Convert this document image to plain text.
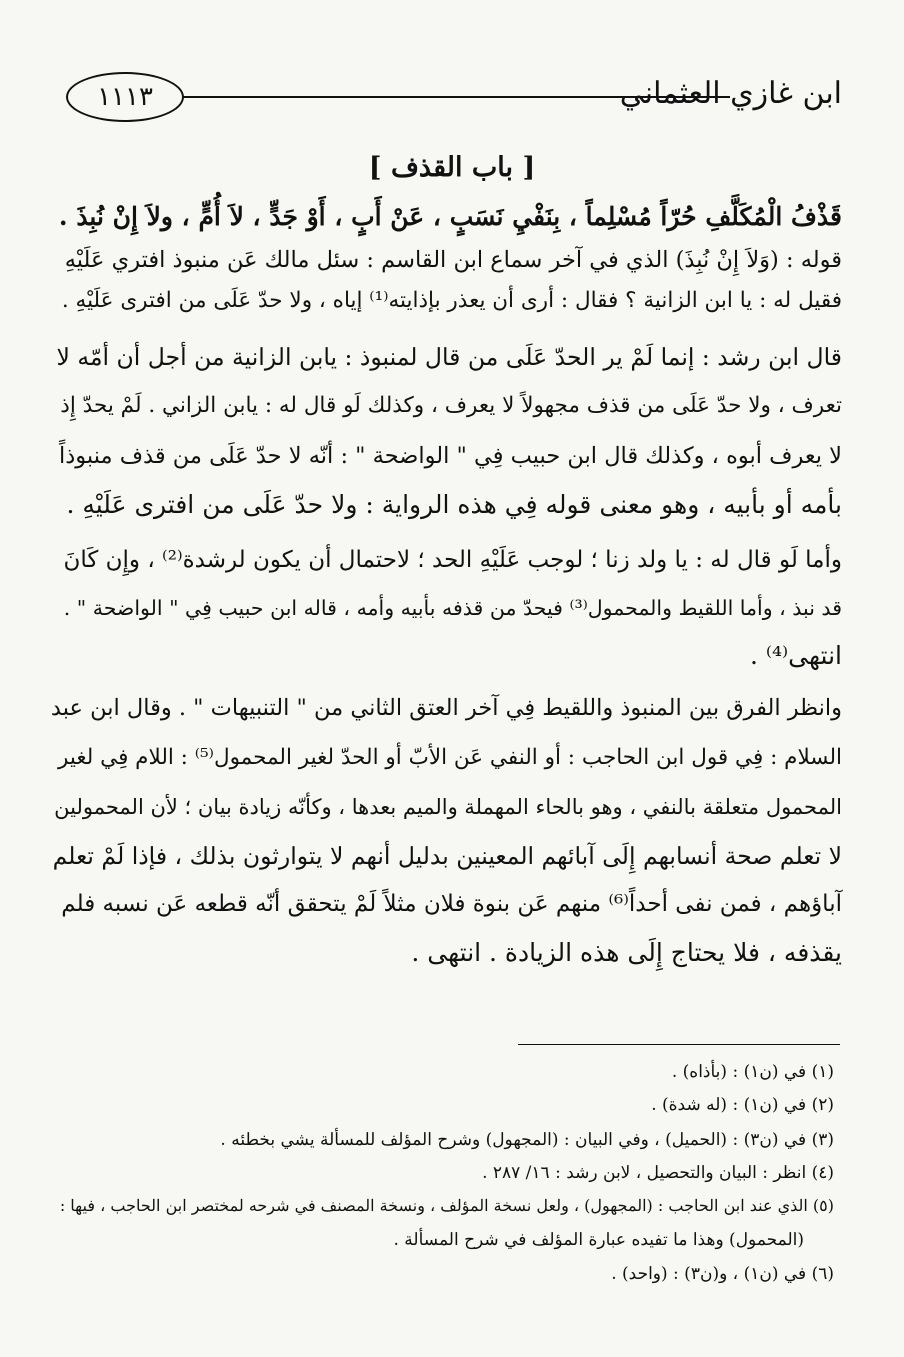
ابن غازي العثماني
١١١٣
[ باب القذف ]
قَذْفُ الْمُكَلَّفِ حُرّاً مُسْلِماً ، بِنَفْيِ نَسَبٍ ، عَنْ أَبٍ ، أَوْ جَدٍّ ، لاَ أُمٍّ ، ولاَ إِنْ نُبِذَ .
قوله : (وَلاَ إِنْ نُبِذَ) الذي في آخر سماع ابن القاسم : سئل مالك عَن منبوذ افتري عَلَيْهِ
فقيل له : يا ابن الزانية ؟ فقال : أرى أن يعذر بإذايته⁽¹⁾ إياه ، ولا حدّ عَلَى من افترى عَلَيْهِ .
قال ابن رشد : إنما لَمْ ير الحدّ عَلَى من قال لمنبوذ : يابن الزانية من أجل أن أمّه لا
تعرف ، ولا حدّ عَلَى من قذف مجهولاً لا يعرف ، وكذلك لَو قال له : يابن الزاني . لَمْ يحدّ إِذ
لا يعرف أبوه ، وكذلك قال ابن حبيب فِي " الواضحة " : أنّه لا حدّ عَلَى من قذف منبوذاً
بأمه أو بأبيه ، وهو معنى قوله فِي هذه الرواية : ولا حدّ عَلَى من افترى عَلَيْهِ .
وأما لَو قال له : يا ولد زنا ؛ لوجب عَلَيْهِ الحد ؛ لاحتمال أن يكون لرشدة⁽²⁾ ، وإِن كَانَ
قد نبذ ، وأما اللقيط والمحمول⁽³⁾ فيحدّ من قذفه بأبيه وأمه ، قاله ابن حبيب فِي " الواضحة " .
انتهى⁽⁴⁾ .
وانظر الفرق بين المنبوذ واللقيط فِي آخر العتق الثاني من " التنبيهات " . وقال ابن عبد
السلام : فِي قول ابن الحاجب : أو النفي عَن الأبّ أو الحدّ لغير المحمول⁽⁵⁾ : اللام فِي لغير
المحمول متعلقة بالنفي ، وهو بالحاء المهملة والميم بعدها ، وكأنّه زيادة بيان ؛ لأن المحمولين
لا تعلم صحة أنسابهم إِلَى آبائهم المعينين بدليل أنهم لا يتوارثون بذلك ، فإذا لَمْ تعلم
آباؤهم ، فمن نفى أحداً⁽⁶⁾ منهم عَن بنوة فلان مثلاً لَمْ يتحقق أنّه قطعه عَن نسبه فلم
يقذفه ، فلا يحتاج إِلَى هذه الزيادة . انتهى .
(١) في (ن١) : (بأذاه) .
(٢) في (ن١) : (له شدة) .
(٣) في (ن٣) : (الحميل) ، وفي البيان : (المجهول) وشرح المؤلف للمسألة يشي بخطئه .
(٤) انظر : البيان والتحصيل ، لابن رشد : ١٦/ ٢٨٧ .
(٥) الذي عند ابن الحاجب : (المجهول) ، ولعل نسخة المؤلف ، ونسخة المصنف في شرحه لمختصر ابن الحاجب ، فيها :
(المحمول) وهذا ما تفيده عبارة المؤلف في شرح المسألة .
(٦) في (ن١) ، و(ن٣) : (واحد) .
